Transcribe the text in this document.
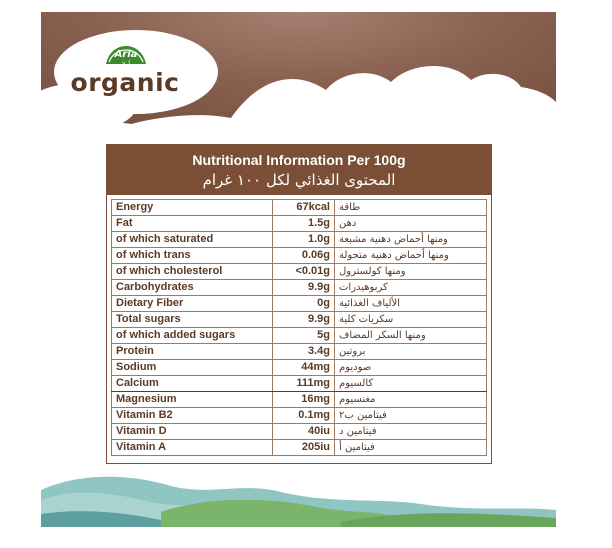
Arla
أرلا
organic
Nutritional Information Per 100g
المحتوى الغذائي لكل ١٠٠ غرام
Energy	67kcal	طاقة
Fat	1.5g	دهن
of which saturated	1.0g	ومنها أحماض دهنية مشبعة
of which trans	0.06g	ومنها أحماض دهنية متحولة
of which cholesterol	<0.01g	ومنها كولسترول
Carbohydrates	9.9g	كربوهيدرات
Dietary Fiber	0g	الألياف الغذائية
Total sugars	9.9g	سكريات كلية
of which added sugars	5g	ومنها السكر المضاف
Protein	3.4g	بروتين
Sodium	44mg	صوديوم
Calcium	111mg	كالسيوم
Magnesium	16mg	مغنسيوم
Vitamin B2	0.1mg	فيتامين ب٢
Vitamin D	40iu	فيتامين د
Vitamin A	205iu	فيتامين أ
